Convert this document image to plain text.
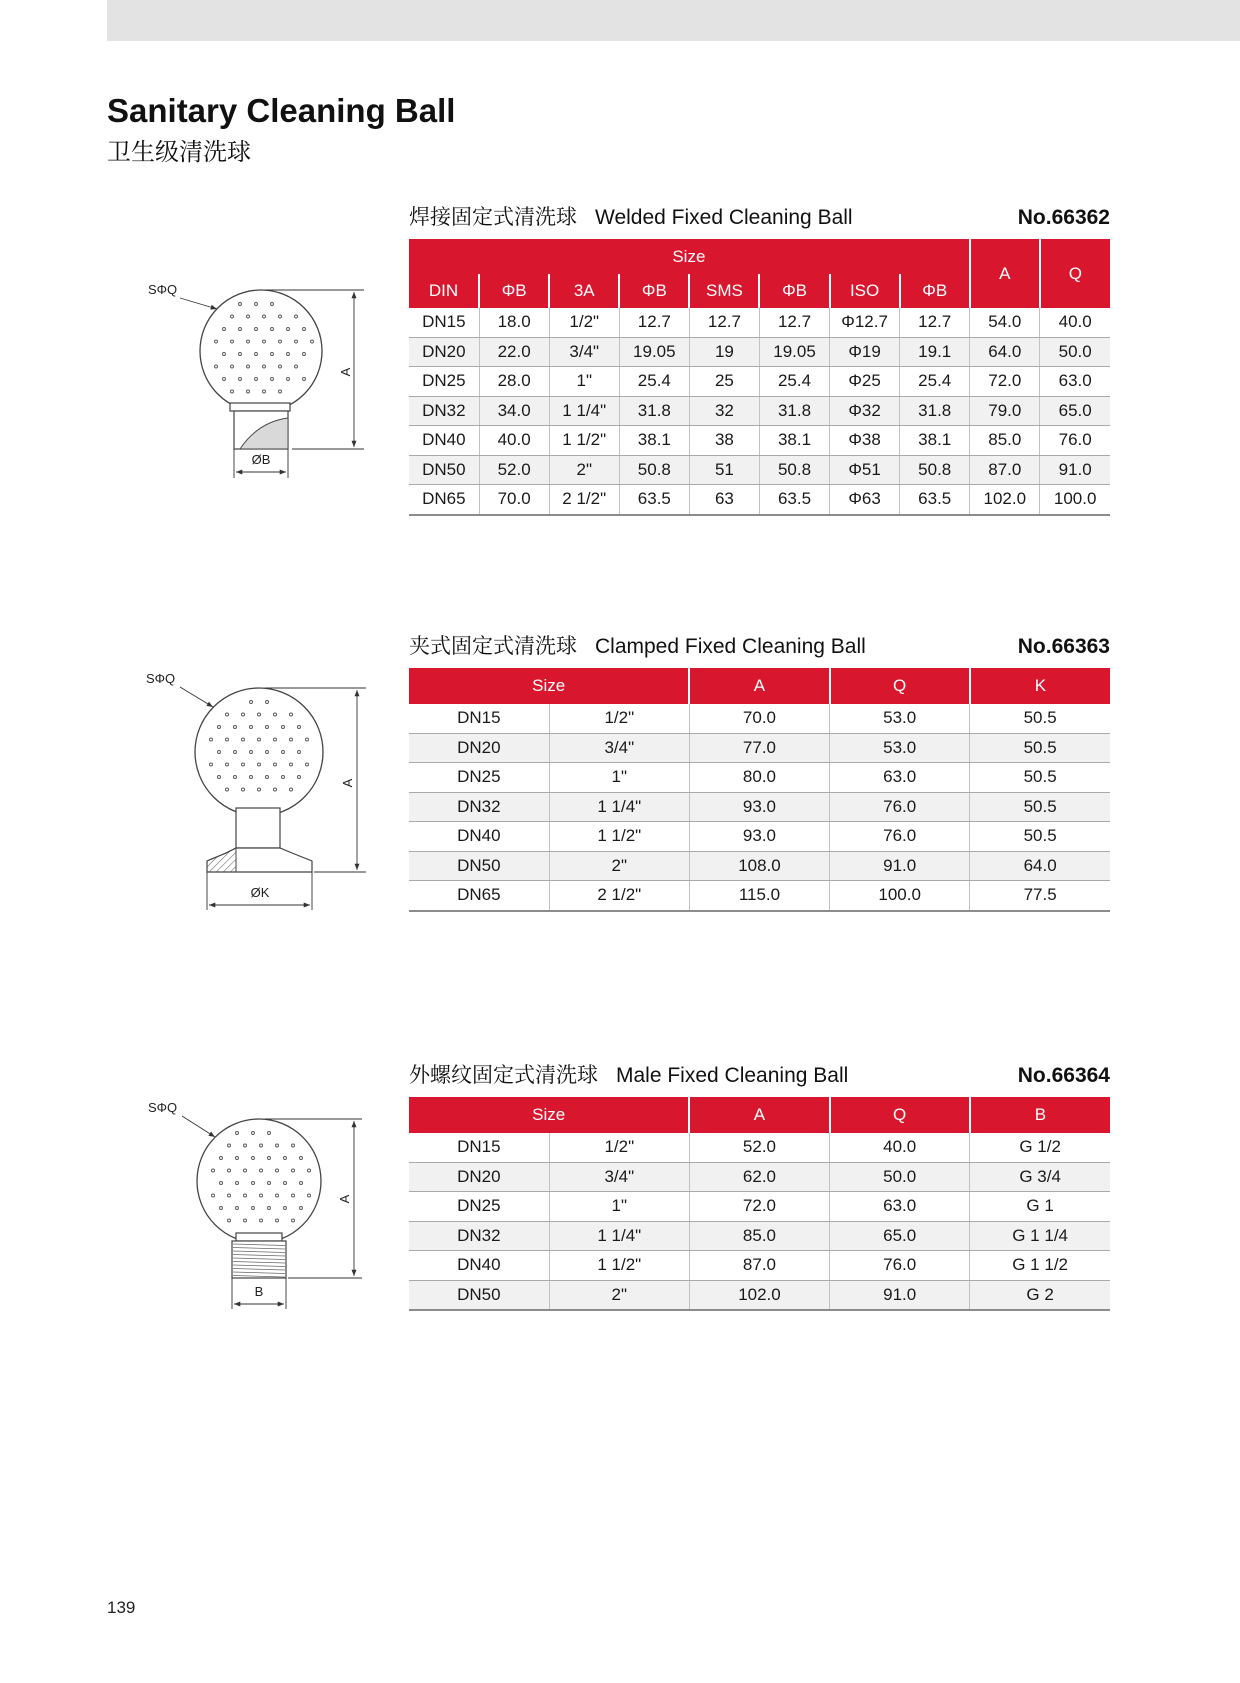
Sanitary Cleaning Ball
卫生级清洗球
焊接固定式清洗球 Welded Fixed Cleaning Ball	No.66362
A
ØB
SΦQ
Size								A	Q
DIN	ΦB	3A	ΦB	SMS	ΦB	ISO	ΦB		
DN15	18.0	1/2"	12.7	12.7	12.7	Φ12.7	12.7	54.0	40.0
DN20	22.0	3/4"	19.05	19	19.05	Φ19	19.1	64.0	50.0
DN25	28.0	1"	25.4	25	25.4	Φ25	25.4	72.0	63.0
DN32	34.0	1 1/4"	31.8	32	31.8	Φ32	31.8	79.0	65.0
DN40	40.0	1 1/2"	38.1	38	38.1	Φ38	38.1	85.0	76.0
DN50	52.0	2"	50.8	51	50.8	Φ51	50.8	87.0	91.0
DN65	70.0	2 1/2"	63.5	63	63.5	Φ63	63.5	102.0	100.0
夹式固定式清洗球 Clamped Fixed Cleaning Ball	No.66363
A
ØK
SΦQ	Size		A	Q	K
DN15	1/2"	70.0	53.0	50.5
DN20	3/4"	77.0	53.0	50.5
DN25	1"	80.0	63.0	50.5
DN32	1 1/4"	93.0	76.0	50.5
DN40	1 1/2"	93.0	76.0	50.5
DN50	2"	108.0	91.0	64.0
DN65	2 1/2"	115.0	100.0	77.5
外螺纹固定式清洗球 Male Fixed Cleaning Ball	No.66364
A
B
SΦQ	Size		A	Q	B
DN15	1/2"	52.0	40.0	G 1/2
DN20	3/4"	62.0	50.0	G 3/4
DN25	1"	72.0	63.0	G 1
DN32	1 1/4"	85.0	65.0	G 1 1/4
DN40	1 1/2"	87.0	76.0	G 1 1/2
DN50	2"	102.0	91.0	G 2
139
